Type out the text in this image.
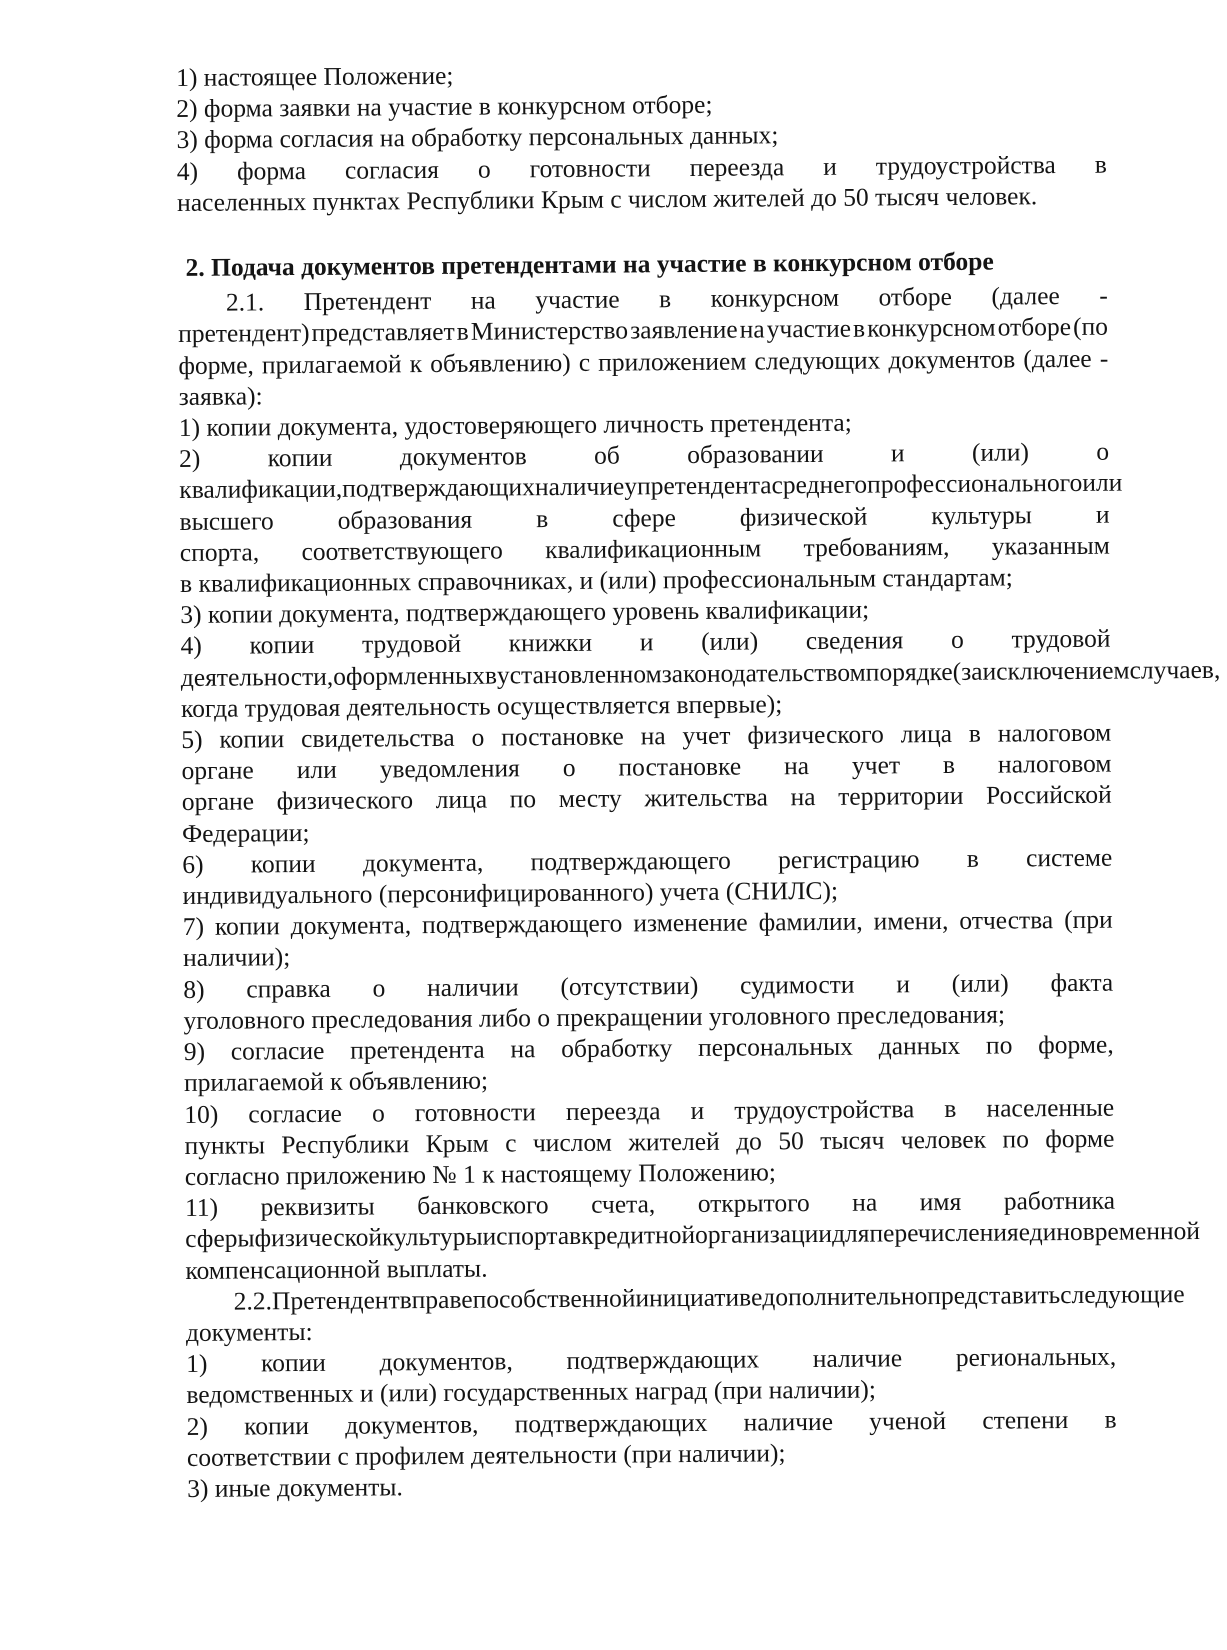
1) настоящее Положение;
2) форма заявки на участие в конкурсном отборе;
3) форма согласия на обработку персональных данных;
4) форма согласия о готовности переезда и трудоустройства в
населенных пунктах Республики Крым с числом жителей до 50 тысяч человек.
2. Подача документов претендентами на участие в конкурсном отборе
2.1. Претендент на участие в конкурсном отборе (далее -
претендент) представляет в Министерство заявление на участие в конкурсном отборе (по
форме, прилагаемой к объявлению) с приложением следующих документов (далее -
заявка):
1) копии документа, удостоверяющего личность претендента;
2)	копии	документов	об	образовании	и	(или)	о
квалификации, подтверждающих наличие у претендента среднего профессионального или
высшего	образования	в	сфере	физической	культуры	и
спорта, соответствующего квалификационным требованиям, указанным
в квалификационных справочниках, и (или) профессиональным стандартам;
3) копии документа, подтверждающего уровень квалификации;
4) копии трудовой книжки и (или) сведения о трудовой
деятельности, оформленных в установленном законодательством порядке (за исключением случаев,
когда трудовая деятельность осуществляется впервые);
5) копии свидетельства о постановке на учет физического лица в налоговом
органе или уведомления о постановке на учет в налоговом
органе физического лица по месту жительства на территории Российской
Федерации;
6) копии документа, подтверждающего регистрацию в системе
индивидуального (персонифицированного) учета (СНИЛС);
7) копии документа, подтверждающего изменение фамилии, имени, отчества (при
наличии);
8) справка о наличии (отсутствии) судимости и (или) факта
уголовного преследования либо о прекращении уголовного преследования;
9) согласие претендента на обработку персональных данных по форме,
прилагаемой к объявлению;
10) согласие о готовности переезда и трудоустройства в населенные
пункты Республики Крым с числом жителей до 50 тысяч человек по форме
согласно приложению № 1 к настоящему Положению;
11) реквизиты банковского счета, открытого на имя работника
сферы физической культуры и спорта в кредитной организации для перечисления единовременной
компенсационной выплаты.
2.2. Претендент вправе по собственной инициативе дополнительно представить следующие
документы:
1) копии документов, подтверждающих наличие региональных,
ведомственных и (или) государственных наград (при наличии);
2) копии документов, подтверждающих наличие ученой степени в
соответствии с профилем деятельности (при наличии);
3) иные документы.
